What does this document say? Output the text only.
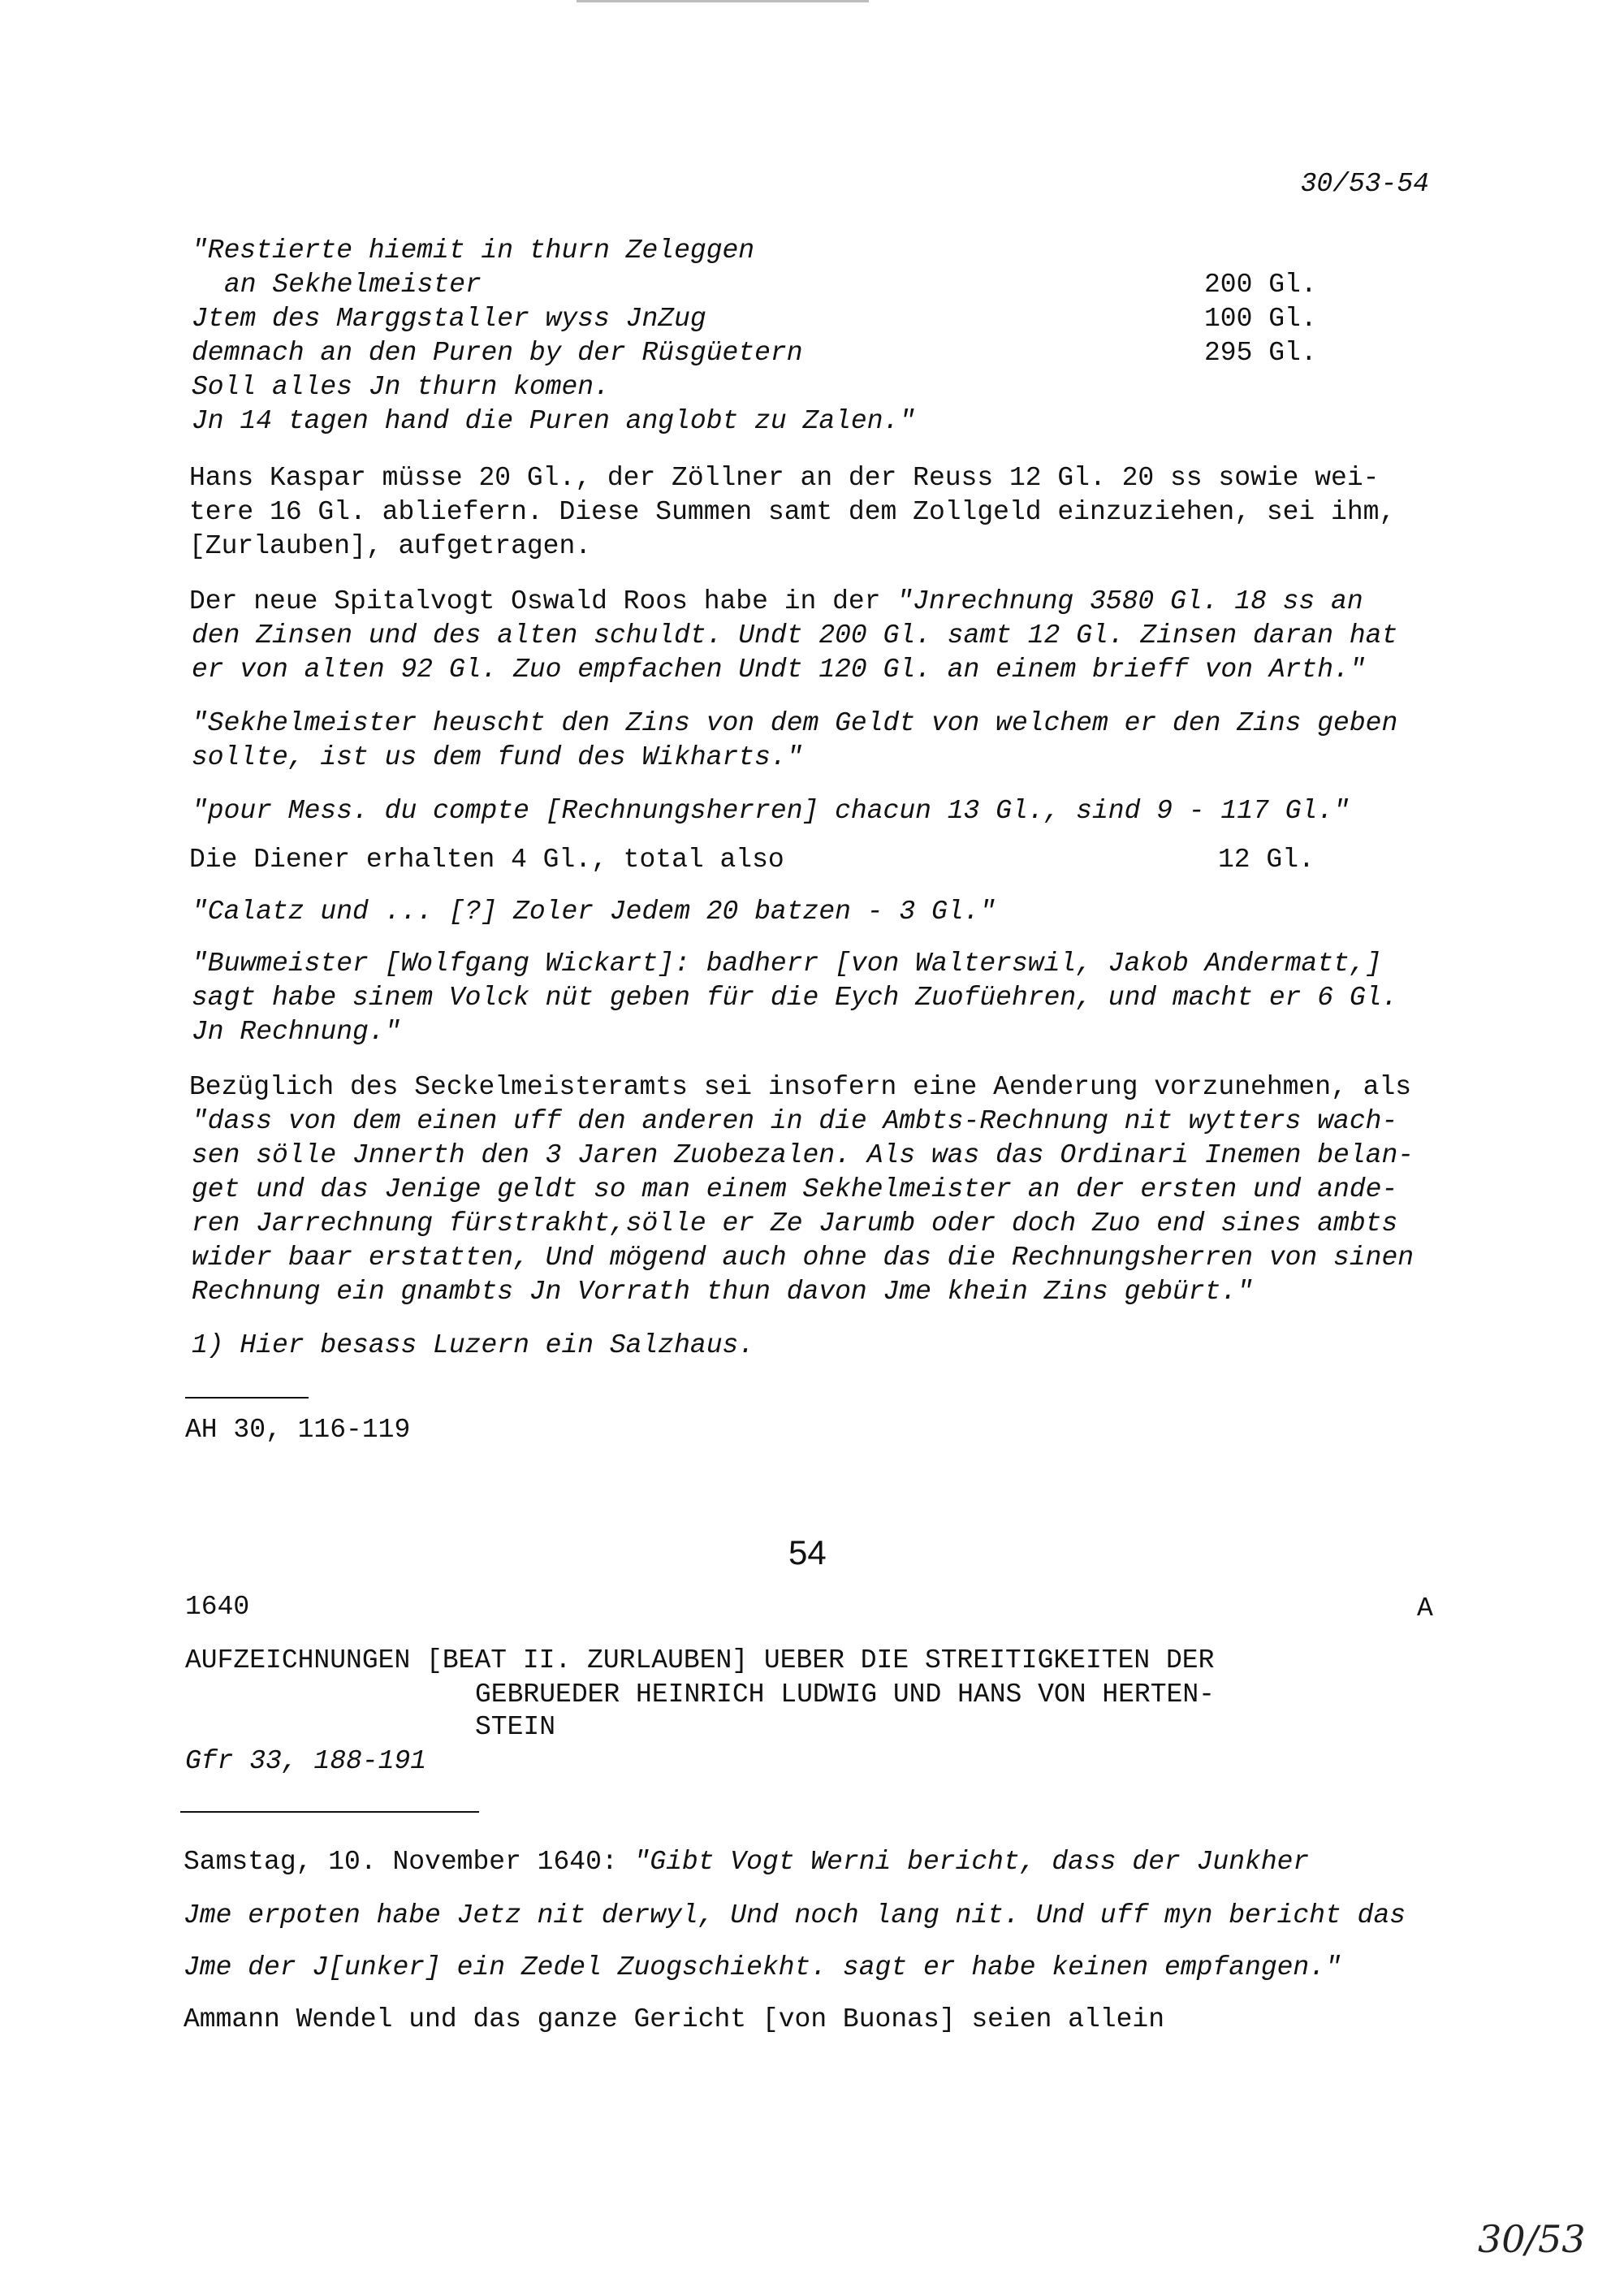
30/53-54
"Restierte hiemit in thurn Zeleggen
an Sekhelmeister
Jtem des Marggstaller wyss JnZug
demnach an den Puren by der Rüsgüetern
Soll alles Jn thurn komen.
Jn 14 tagen hand die Puren anglobt zu Zalen."
200 Gl.
100 Gl.
295 Gl.
Hans Kaspar müsse 20 Gl., der Zöllner an der Reuss 12 Gl. 20 ss sowie wei-
tere 16 Gl. abliefern. Diese Summen samt dem Zollgeld einzuziehen, sei ihm,
[Zurlauben], aufgetragen.
Der neue Spitalvogt Oswald Roos habe in der "Jnrechnung 3580 Gl. 18 ss an
den Zinsen und des alten schuldt. Undt 200 Gl. samt 12 Gl. Zinsen daran hat
er von alten 92 Gl. Zuo empfachen Undt 120 Gl. an einem brieff von Arth."
"Sekhelmeister heuscht den Zins von dem Geldt von welchem er den Zins geben
sollte, ist us dem fund des Wikharts."
"pour Mess. du compte [Rechnungsherren] chacun 13 Gl., sind 9 - 117 Gl."
Die Diener erhalten 4 Gl., total also	12 Gl.
"Calatz und ... [?] Zoler Jedem 20 batzen - 3 Gl."
"Buwmeister [Wolfgang Wickart]: badherr [von Walterswil, Jakob Andermatt,]
sagt habe sinem Volck nüt geben für die Eych Zuofüehren, und macht er 6 Gl.
Jn Rechnung."
Bezüglich des Seckelmeisteramts sei insofern eine Aenderung vorzunehmen, als
"dass von dem einen uff den anderen in die Ambts-Rechnung nit wytters wach-
sen sölle Jnnerth den 3 Jaren Zuobezalen. Als was das Ordinari Inemen belan-
get und das Jenige geldt so man einem Sekhelmeister an der ersten und ande-
ren Jarrechnung fürstrakht,sölle er Ze Jarumb oder doch Zuo end sines ambts
wider baar erstatten, Und mögend auch ohne das die Rechnungsherren von sinen
Rechnung ein gnambts Jn Vorrath thun davon Jme khein Zins gebürt."
1) Hier besass Luzern ein Salzhaus.
AH 30, 116-119
54
1640	A
AUFZEICHNUNGEN [BEAT II. ZURLAUBEN] UEBER DIE STREITIGKEITEN DER
GEBRUEDER HEINRICH LUDWIG UND HANS VON HERTEN-
STEIN
Gfr 33, 188-191
Samstag, 10. November 1640: "Gibt Vogt Werni bericht, dass der Junkher
Jme erpoten habe Jetz nit derwyl, Und noch lang nit. Und uff myn bericht das
Jme der J[unker] ein Zedel Zuogschiekht. sagt er habe keinen empfangen."
Ammann Wendel und das ganze Gericht [von Buonas] seien allein
30/53
